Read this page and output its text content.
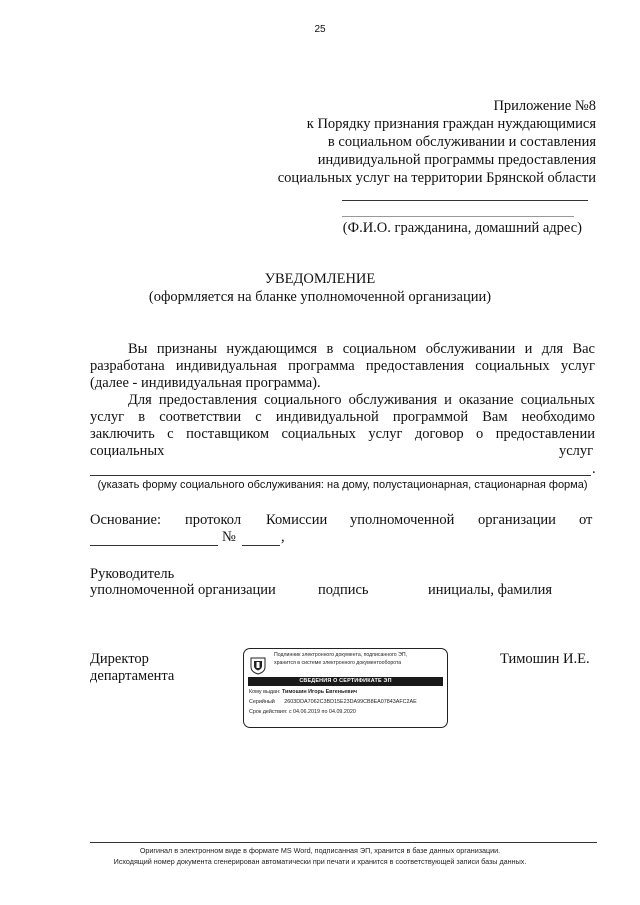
25
Приложение №8
к Порядку признания граждан нуждающимися
в социальном обслуживании и составления
индивидуальной программы предоставления
социальных услуг на территории Брянской области
(Ф.И.О. гражданина, домашний адрес)
УВЕДОМЛЕНИЕ
(оформляется на бланке уполномоченной организации)
Вы признаны нуждающимся в социальном обслуживании и для Вас
разработана индивидуальная программа предоставления социальных услуг
(далее - индивидуальная программа).
Для предоставления социального обслуживания и оказание социальных
услуг в соответствии с индивидуальной программой Вам необходимо
заключить с поставщиком социальных услуг договор о предоставлении
социальных	услуг
.
(указать форму социального обслуживания: на дому, полустационарная, стационарная форма)
Основание: протокол Комиссии уполномоченной организации от
№	,
Руководитель
уполномоченной организации	подпись	инициалы, фамилия
Директор
департамента
Тимошин И.Е.
Подлинник электронного документа, подписанного ЭП,
хранится в системе электронного документооборота
СВЕДЕНИЯ О СЕРТИФИКАТЕ ЭП
Кому выдан: Тимошин Игорь Евгеньевич
Серийный 2603DDA7062C3BD15E23DA99CB8EA07843AFC2AE
Срок действия: с 04.06.2019 по 04.09.2020
Оригинал в электронном виде в формате MS Word, подписанная ЭП, хранится в базе данных организации.
Исходящий номер документа сгенерирован автоматически при печати и хранится в соответствующей записи базы данных.
